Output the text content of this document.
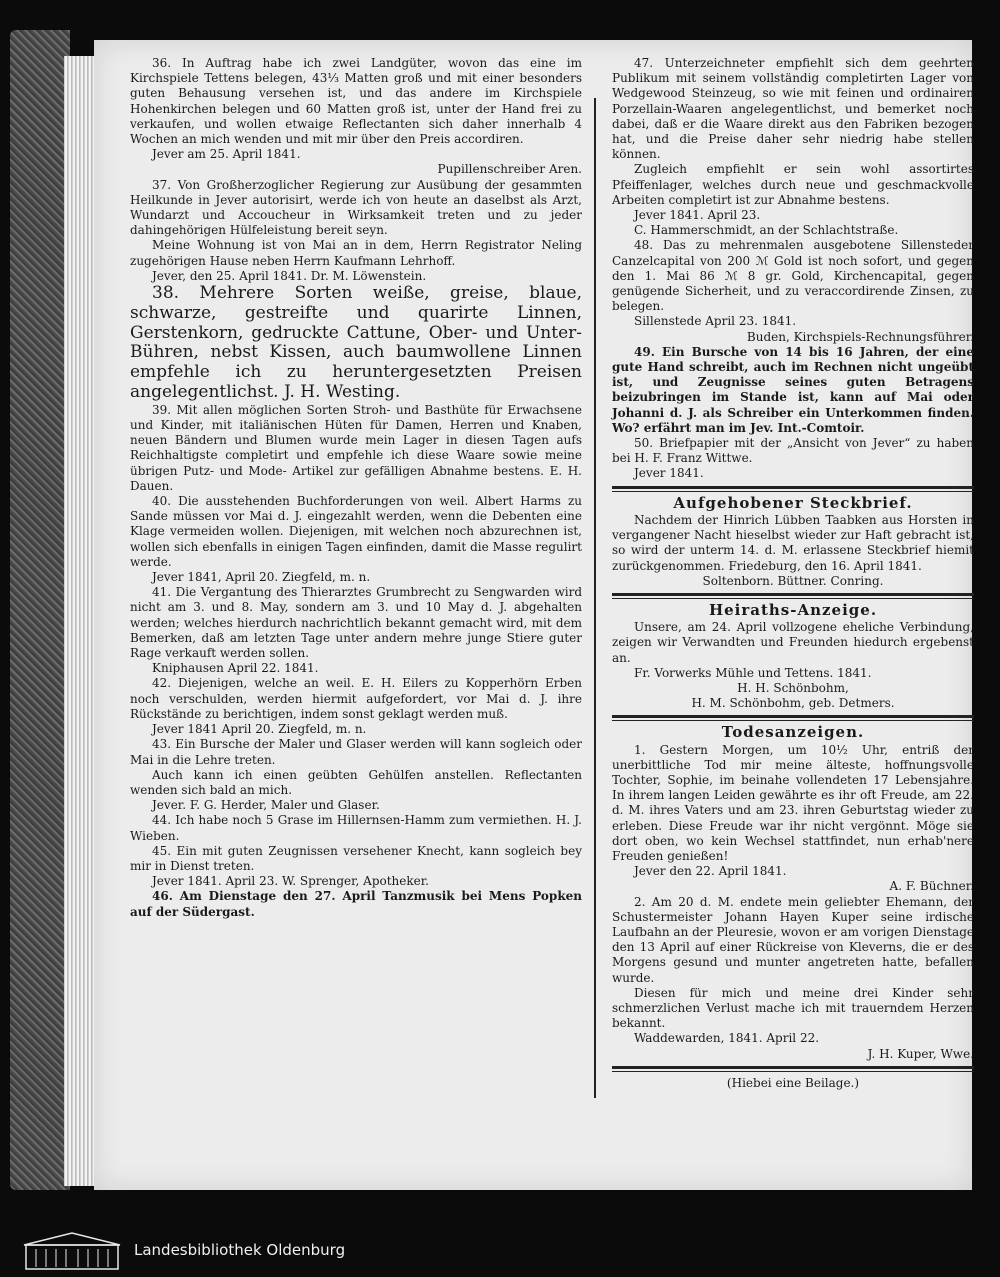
36. In Auftrag habe ich zwei Landgüter, wovon das eine im Kirchspiele Tettens belegen, 43⅓ Matten groß und mit einer besonders guten Behausung versehen ist, und das andere im Kirchspiele Hohenkirchen belegen und 60 Matten groß ist, unter der Hand frei zu verkaufen, und wollen etwaige Reflectanten sich daher innerhalb 4 Wochen an mich wenden und mit mir über den Preis accordiren.

Jever am 25. April 1841.

Pupillenschreiber Aren.

37. Von Großherzoglicher Regierung zur Ausübung der gesammten Heilkunde in Jever autorisirt, werde ich von heute an daselbst als Arzt, Wundarzt und Accoucheur in Wirksamkeit treten und zu jeder dahingehörigen Hülfeleistung bereit seyn.

Meine Wohnung ist von Mai an in dem, Herrn Registrator Neling zugehörigen Hause neben Herrn Kaufmann Lehrhoff.

Jever, den 25. April 1841. Dr. M. Löwenstein.

38. Mehrere Sorten weiße, greise, blaue, schwarze, gestreifte und quarirte Linnen, Gerstenkorn, gedruckte Cattune, Ober- und Unter-Bühren, nebst Kissen, auch baumwollene Linnen empfehle ich zu heruntergesetzten Preisen angelegentlichst. J. H. Westing.

39. Mit allen möglichen Sorten Stroh- und Basthüte für Erwachsene und Kinder, mit italiänischen Hüten für Damen, Herren und Knaben, neuen Bändern und Blumen wurde mein Lager in diesen Tagen aufs Reichhaltigste completirt und empfehle ich diese Waare sowie meine übrigen Putz- und Mode- Artikel zur gefälligen Abnahme bestens. E. H. Dauen.

40. Die ausstehenden Buchforderungen von weil. Albert Harms zu Sande müssen vor Mai d. J. eingezahlt werden, wenn die Debenten eine Klage vermeiden wollen. Diejenigen, mit welchen noch abzurechnen ist, wollen sich ebenfalls in einigen Tagen einfinden, damit die Masse regulirt werde.

Jever 1841, April 20. Ziegfeld, m. n.

41. Die Vergantung des Thierarztes Grumbrecht zu Sengwarden wird nicht am 3. und 8. May, sondern am 3. und 10 May d. J. abgehalten werden; welches hierdurch nachrichtlich bekannt gemacht wird, mit dem Bemerken, daß am letzten Tage unter andern mehre junge Stiere guter Rage verkauft werden sollen.

Kniphausen April 22. 1841.

42. Diejenigen, welche an weil. E. H. Eilers zu Kopperhörn Erben noch verschulden, werden hiermit aufgefordert, vor Mai d. J. ihre Rückstände zu berichtigen, indem sonst geklagt werden muß.

Jever 1841 April 20. Ziegfeld, m. n.

43. Ein Bursche der Maler und Glaser werden will kann sogleich oder Mai in die Lehre treten.

Auch kann ich einen geübten Gehülfen anstellen. Reflectanten wenden sich bald an mich.

Jever. F. G. Herder, Maler und Glaser.

44. Ich habe noch 5 Grase im Hillernsen-Hamm zum vermiethen. H. J. Wieben.

45. Ein mit guten Zeugnissen versehener Knecht, kann sogleich bey mir in Dienst treten.

Jever 1841. April 23. W. Sprenger, Apotheker.

46. Am Dienstage den 27. April Tanzmusik bei Mens Popken auf der Südergast.

47. Unterzeichneter empfiehlt sich dem geehrten Publikum mit seinem vollständig completirten Lager von Wedgewood Steinzeug, so wie mit feinen und ordinairen Porzellain-Waaren angelegentlichst, und bemerket noch dabei, daß er die Waare direkt aus den Fabriken bezogen hat, und die Preise daher sehr niedrig habe stellen können.

Zugleich empfiehlt er sein wohl assortirtes Pfeiffenlager, welches durch neue und geschmackvolle Arbeiten completirt ist zur Abnahme bestens.

Jever 1841. April 23.

C. Hammerschmidt, an der Schlachtstraße.

48. Das zu mehrenmalen ausgebotene Sillensteder Canzelcapital von 200 ℳ Gold ist noch sofort, und gegen den 1. Mai 86 ℳ 8 gr. Gold, Kirchencapital, gegen genügende Sicherheit, und zu veraccordirende Zinsen, zu belegen.

Sillenstede April 23. 1841.

Buden, Kirchspiels-Rechnungsführer.

49. Ein Bursche von 14 bis 16 Jahren, der eine gute Hand schreibt, auch im Rechnen nicht ungeübt ist, und Zeugnisse seines guten Betragens beizubringen im Stande ist, kann auf Mai oder Johanni d. J. als Schreiber ein Unterkommen finden. Wo? erfährt man im Jev. Int.-Comtoir.

50. Briefpapier mit der „Ansicht von Jever“ zu haben bei H. F. Franz Wittwe.

Jever 1841.

Aufgehobener Steckbrief.

Nachdem der Hinrich Lübben Taabken aus Horsten in vergangener Nacht hieselbst wieder zur Haft gebracht ist, so wird der unterm 14. d. M. erlassene Steckbrief hiemit zurückgenommen. Friedeburg, den 16. April 1841.

Soltenborn. Büttner. Conring.

Heiraths-Anzeige.

Unsere, am 24. April vollzogene eheliche Verbindung, zeigen wir Verwandten und Freunden hiedurch ergebenst an.

Fr. Vorwerks Mühle und Tettens. 1841.

H. H. Schönbohm,

H. M. Schönbohm, geb. Detmers.

Todesanzeigen.

1. Gestern Morgen, um 10½ Uhr, entriß der unerbittliche Tod mir meine älteste, hoffnungsvolle Tochter, Sophie, im beinahe vollendeten 17 Lebensjahre. In ihrem langen Leiden gewährte es ihr oft Freude, am 22. d. M. ihres Vaters und am 23. ihren Geburtstag wieder zu erleben. Diese Freude war ihr nicht vergönnt. Möge sie dort oben, wo kein Wechsel stattfindet, nun erhab'nere Freuden genießen!

Jever den 22. April 1841.

A. F. Büchner.

2. Am 20 d. M. endete mein geliebter Ehemann, der Schustermeister Johann Hayen Kuper seine irdische Laufbahn an der Pleuresie, wovon er am vorigen Dienstage den 13 April auf einer Rückreise von Kleverns, die er des Morgens gesund und munter angetreten hatte, befallen wurde.

Diesen für mich und meine drei Kinder sehr schmerzlichen Verlust mache ich mit trauerndem Herzen bekannt.

Waddewarden, 1841. April 22.

J. H. Kuper, Wwe.

(Hiebei eine Beilage.)

Landesbibliothek Oldenburg
